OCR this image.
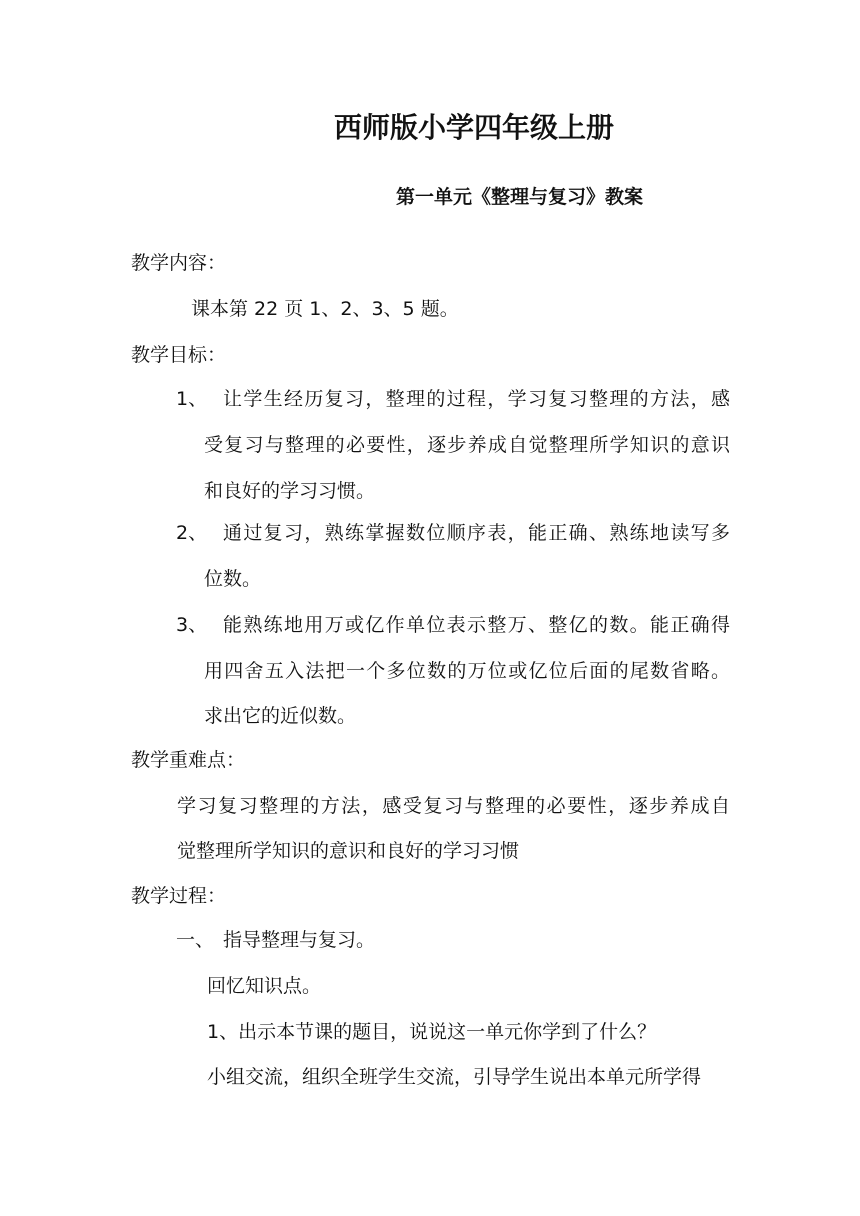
西师版小学四年级上册
第一单元《整理与复习》教案
教学内容：
课本第 22 页 1、2、3、5 题。
教学目标：
1、 让学生经历复习，整理的过程，学习复习整理的方法，感
受复习与整理的必要性，逐步养成自觉整理所学知识的意识
和良好的学习习惯。
2、 通过复习，熟练掌握数位顺序表，能正确、熟练地读写多
位数。
3、 能熟练地用万或亿作单位表示整万、整亿的数。能正确得
用四舍五入法把一个多位数的万位或亿位后面的尾数省略。
求出它的近似数。
教学重难点：
学习复习整理的方法，感受复习与整理的必要性，逐步养成自
觉整理所学知识的意识和良好的学习习惯
教学过程：
一、 指导整理与复习。
回忆知识点。
1、出示本节课的题目，说说这一单元你学到了什么？
小组交流，组织全班学生交流，引导学生说出本单元所学得
